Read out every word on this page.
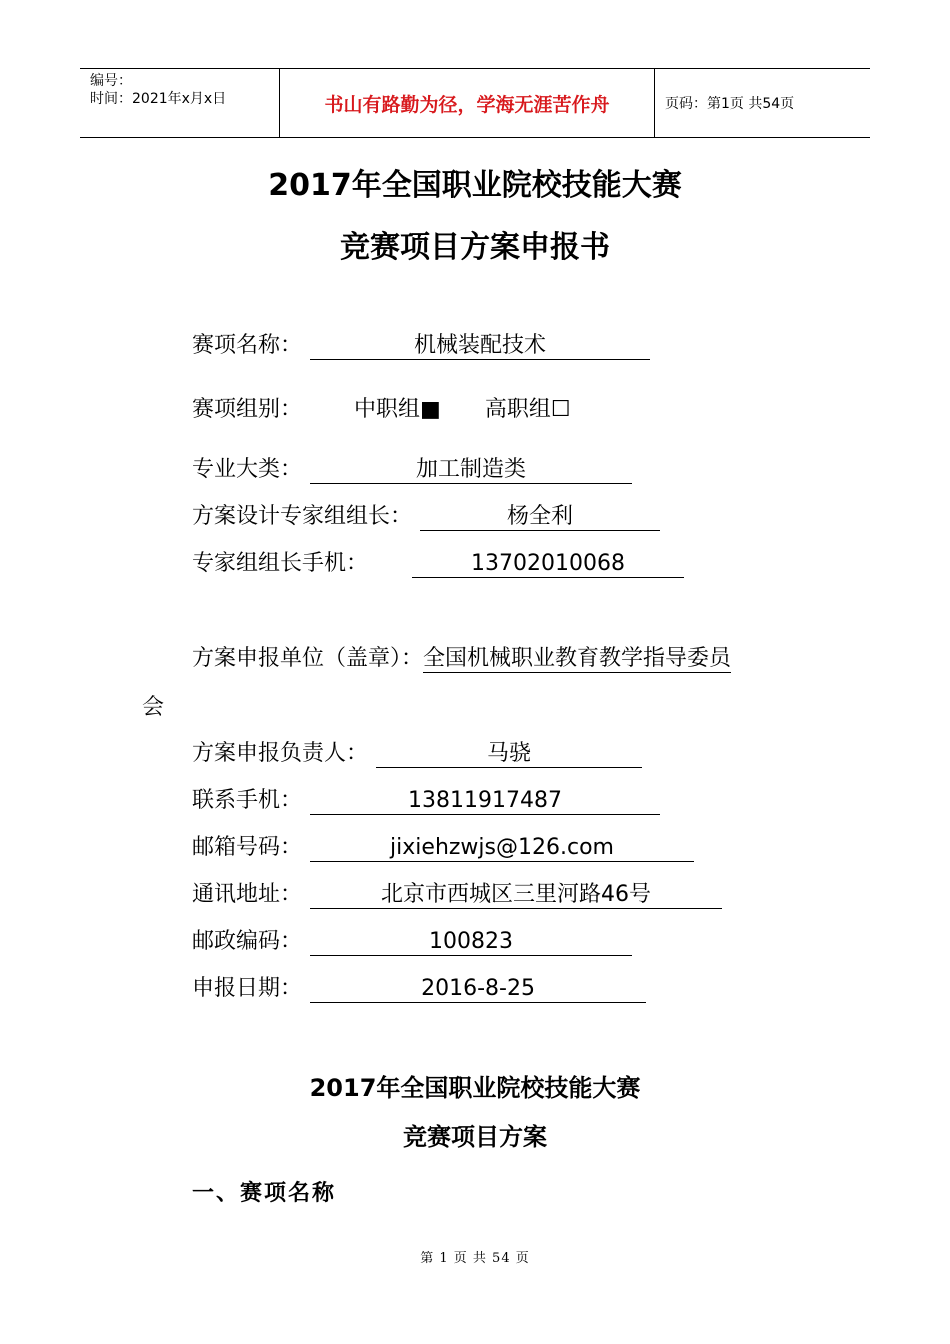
编号：
时间：2021年x月x日	书山有路勤为径，学海无涯苦作舟	页码：第1页 共54页
2017年全国职业院校技能大赛
竞赛项目方案申报书
赛项名称：	机械装配技术
赛项组别： 中职组■ 高职组☐
专业大类：	加工制造类
方案设计专家组组长：	杨全利
专家组组长手机：	13702010068
方案申报单位（盖章）： 全国机械职业教育教学指导委员
会
方案申报负责人：	马骁
联系手机：	13811917487
邮箱号码：	jixiehzwjs@126.com
通讯地址：	北京市西城区三里河路46号
邮政编码：	100823
申报日期：	2016-8-25
2017年全国职业院校技能大赛
竞赛项目方案
一、赛项名称
第 1 页 共 54 页
